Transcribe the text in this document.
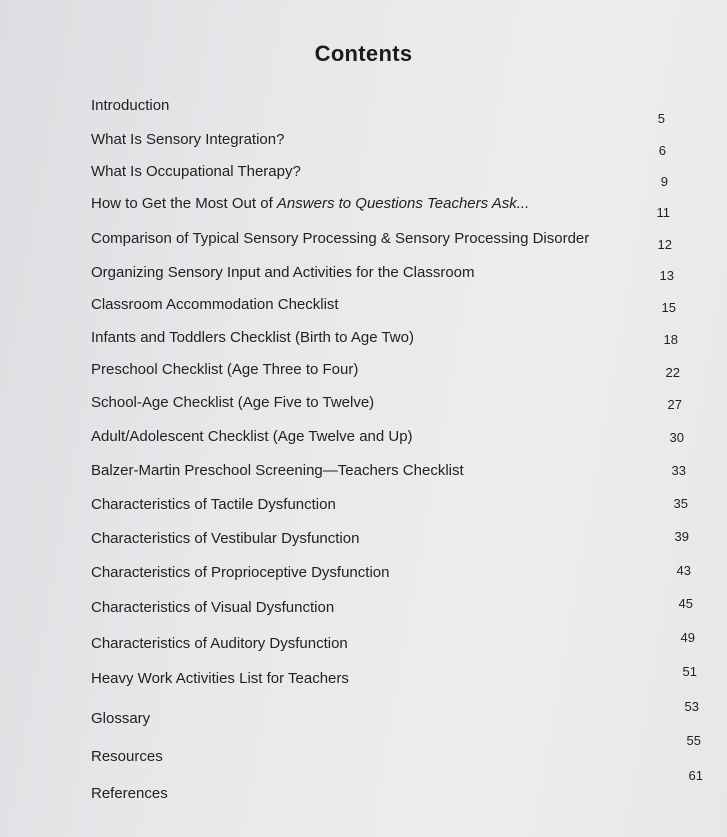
Contents
Introduction
What Is Sensory Integration?
What Is Occupational Therapy?
How to Get the Most Out of Answers to Questions Teachers Ask...
Comparison of Typical Sensory Processing & Sensory Processing Disorder
Organizing Sensory Input and Activities for the Classroom
Classroom Accommodation Checklist
Infants and Toddlers Checklist (Birth to Age Two)
Preschool Checklist (Age Three to Four)
School-Age Checklist (Age Five to Twelve)
Adult/Adolescent Checklist (Age Twelve and Up)
Balzer-Martin Preschool Screening—Teachers Checklist
Characteristics of Tactile Dysfunction
Characteristics of Vestibular Dysfunction
Characteristics of Proprioceptive Dysfunction
Characteristics of Visual Dysfunction
Characteristics of Auditory Dysfunction
Heavy Work Activities List for Teachers
Glossary
Resources
References
5
6
9
11
12
13
15
18
22
27
30
33
35
39
43
45
49
51
53
55
61
